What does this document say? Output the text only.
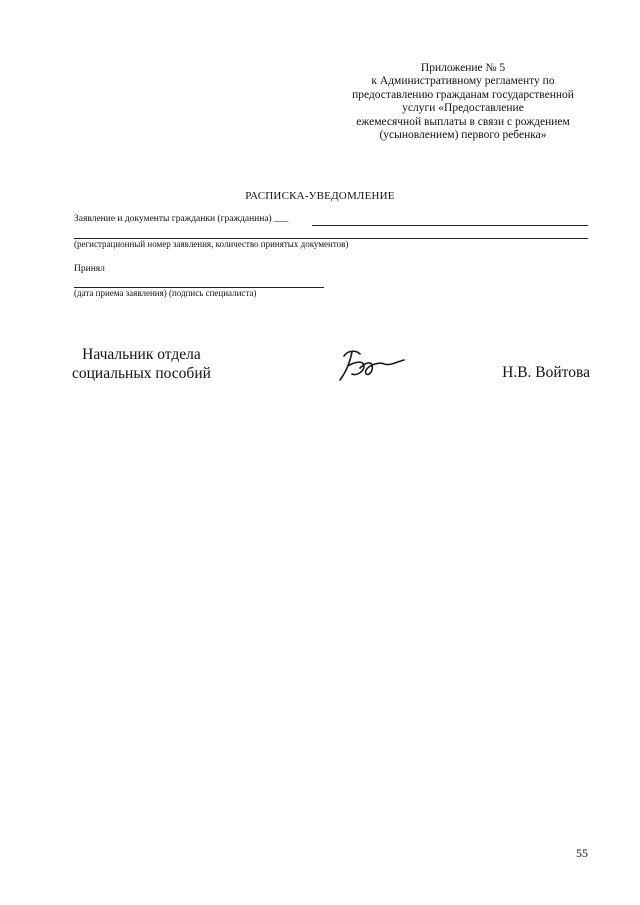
Приложение № 5
к Административному регламенту по
предоставлению гражданам государственной
услуги «Предоставление
ежемесячной выплаты в связи с рождением
(усыновлением) первого ребенка»
РАСПИСКА-УВЕДОМЛЕНИЕ
Заявление и документы гражданки (гражданина) ___
(регистрационный номер заявления, количество принятых документов)
Принял
(дата приема заявления) (подпись специалиста)
Начальник отдела
социальных пособий	Н.В. Войтова
55
